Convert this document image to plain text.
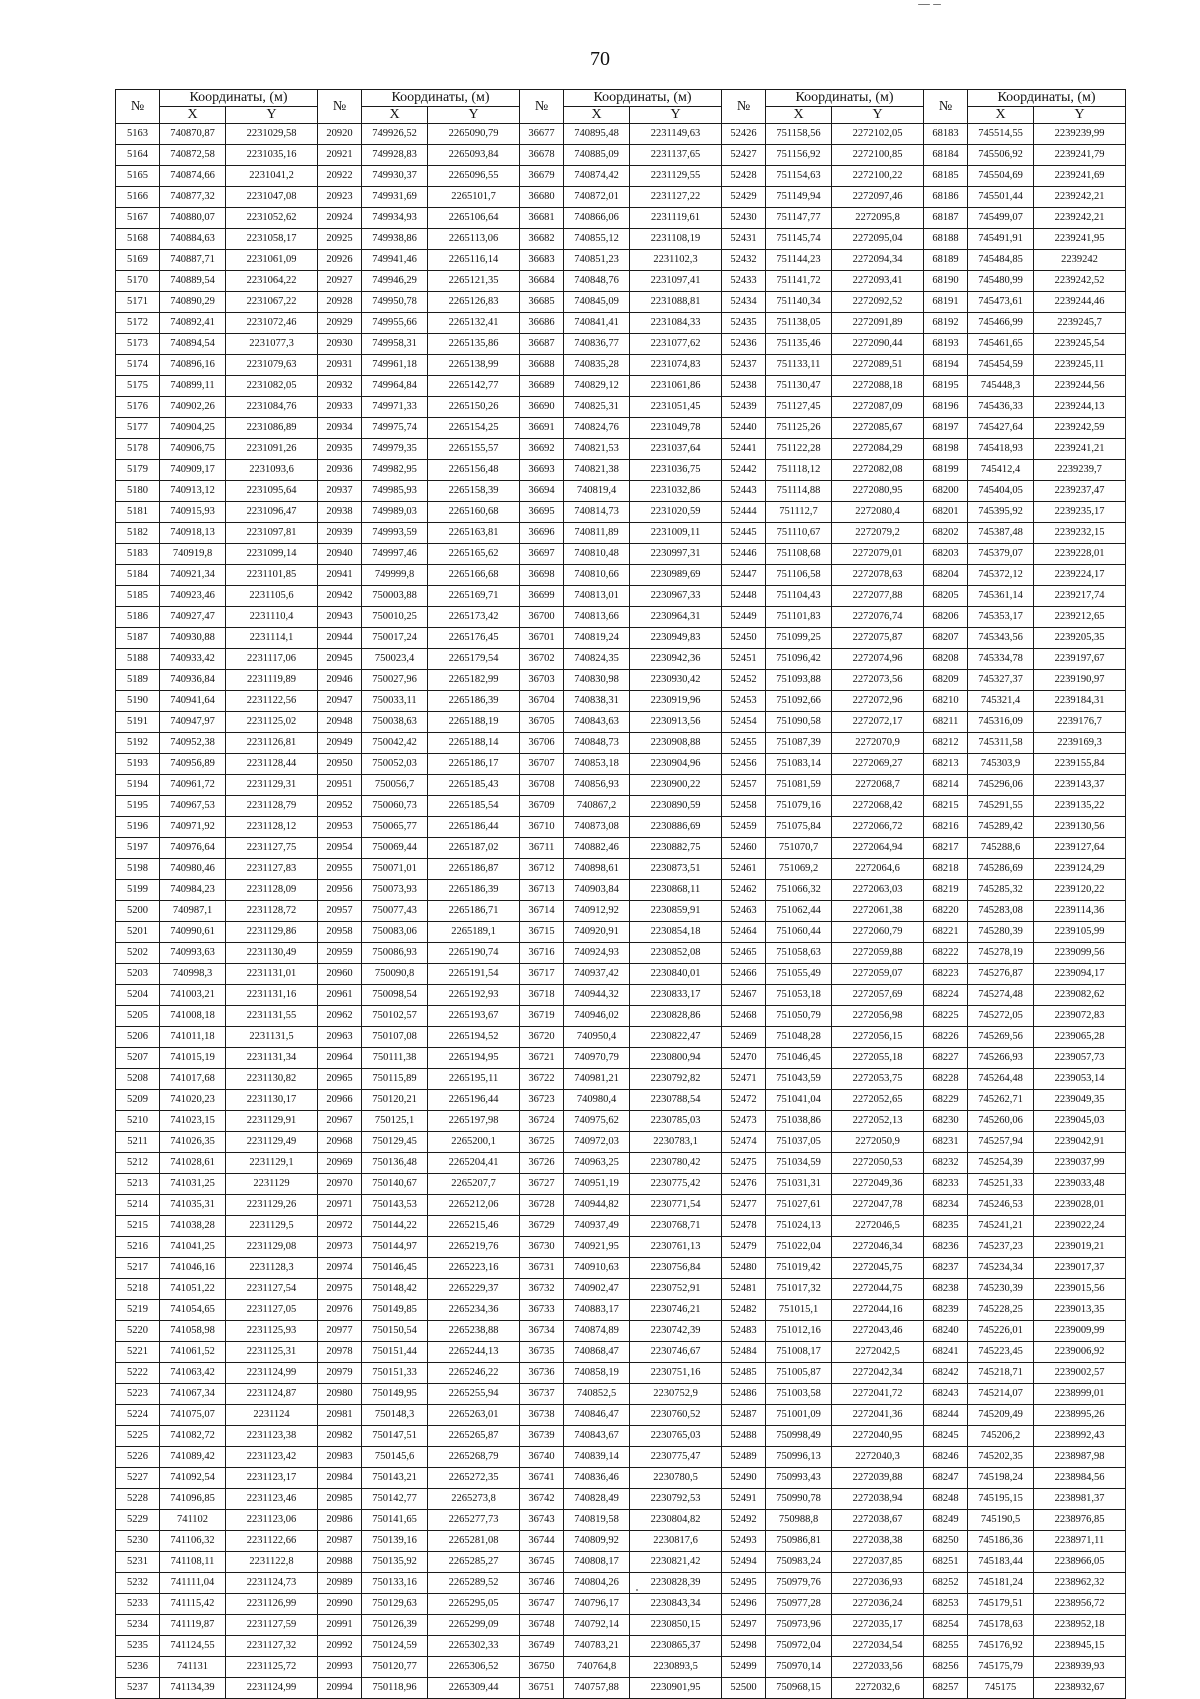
70
№	Координаты, (м)		№	Координаты, (м)		№	Координаты, (м)		№	Координаты, (м)		№	Координаты, (м)	
	X	Y		X	Y		X	Y		X	Y		X	Y
5163	740870,87	2231029,58	20920	749926,52	2265090,79	36677	740895,48	2231149,63	52426	751158,56	2272102,05	68183	745514,55	2239239,99
5164	740872,58	2231035,16	20921	749928,83	2265093,84	36678	740885,09	2231137,65	52427	751156,92	2272100,85	68184	745506,92	2239241,79
5165	740874,66	2231041,2	20922	749930,37	2265096,55	36679	740874,42	2231129,55	52428	751154,63	2272100,22	68185	745504,69	2239241,69
5166	740877,32	2231047,08	20923	749931,69	2265101,7	36680	740872,01	2231127,22	52429	751149,94	2272097,46	68186	745501,44	2239242,21
5167	740880,07	2231052,62	20924	749934,93	2265106,64	36681	740866,06	2231119,61	52430	751147,77	2272095,8	68187	745499,07	2239242,21
5168	740884,63	2231058,17	20925	749938,86	2265113,06	36682	740855,12	2231108,19	52431	751145,74	2272095,04	68188	745491,91	2239241,95
5169	740887,71	2231061,09	20926	749941,46	2265116,14	36683	740851,23	2231102,3	52432	751144,23	2272094,34	68189	745484,85	2239242
5170	740889,54	2231064,22	20927	749946,29	2265121,35	36684	740848,76	2231097,41	52433	751141,72	2272093,41	68190	745480,99	2239242,52
5171	740890,29	2231067,22	20928	749950,78	2265126,83	36685	740845,09	2231088,81	52434	751140,34	2272092,52	68191	745473,61	2239244,46
5172	740892,41	2231072,46	20929	749955,66	2265132,41	36686	740841,41	2231084,33	52435	751138,05	2272091,89	68192	745466,99	2239245,7
5173	740894,54	2231077,3	20930	749958,31	2265135,86	36687	740836,77	2231077,62	52436	751135,46	2272090,44	68193	745461,65	2239245,54
5174	740896,16	2231079,63	20931	749961,18	2265138,99	36688	740835,28	2231074,83	52437	751133,11	2272089,51	68194	745454,59	2239245,11
5175	740899,11	2231082,05	20932	749964,84	2265142,77	36689	740829,12	2231061,86	52438	751130,47	2272088,18	68195	745448,3	2239244,56
5176	740902,26	2231084,76	20933	749971,33	2265150,26	36690	740825,31	2231051,45	52439	751127,45	2272087,09	68196	745436,33	2239244,13
5177	740904,25	2231086,89	20934	749975,74	2265154,25	36691	740824,76	2231049,78	52440	751125,26	2272085,67	68197	745427,64	2239242,59
5178	740906,75	2231091,26	20935	749979,35	2265155,57	36692	740821,53	2231037,64	52441	751122,28	2272084,29	68198	745418,93	2239241,21
5179	740909,17	2231093,6	20936	749982,95	2265156,48	36693	740821,38	2231036,75	52442	751118,12	2272082,08	68199	745412,4	2239239,7
5180	740913,12	2231095,64	20937	749985,93	2265158,39	36694	740819,4	2231032,86	52443	751114,88	2272080,95	68200	745404,05	2239237,47
5181	740915,93	2231096,47	20938	749989,03	2265160,68	36695	740814,73	2231020,59	52444	751112,7	2272080,4	68201	745395,92	2239235,17
5182	740918,13	2231097,81	20939	749993,59	2265163,81	36696	740811,89	2231009,11	52445	751110,67	2272079,2	68202	745387,48	2239232,15
5183	740919,8	2231099,14	20940	749997,46	2265165,62	36697	740810,48	2230997,31	52446	751108,68	2272079,01	68203	745379,07	2239228,01
5184	740921,34	2231101,85	20941	749999,8	2265166,68	36698	740810,66	2230989,69	52447	751106,58	2272078,63	68204	745372,12	2239224,17
5185	740923,46	2231105,6	20942	750003,88	2265169,71	36699	740813,01	2230967,33	52448	751104,43	2272077,88	68205	745361,14	2239217,74
5186	740927,47	2231110,4	20943	750010,25	2265173,42	36700	740813,66	2230964,31	52449	751101,83	2272076,74	68206	745353,17	2239212,65
5187	740930,88	2231114,1	20944	750017,24	2265176,45	36701	740819,24	2230949,83	52450	751099,25	2272075,87	68207	745343,56	2239205,35
5188	740933,42	2231117,06	20945	750023,4	2265179,54	36702	740824,35	2230942,36	52451	751096,42	2272074,96	68208	745334,78	2239197,67
5189	740936,84	2231119,89	20946	750027,96	2265182,99	36703	740830,98	2230930,42	52452	751093,88	2272073,56	68209	745327,37	2239190,97
5190	740941,64	2231122,56	20947	750033,11	2265186,39	36704	740838,31	2230919,96	52453	751092,66	2272072,96	68210	745321,4	2239184,31
5191	740947,97	2231125,02	20948	750038,63	2265188,19	36705	740843,63	2230913,56	52454	751090,58	2272072,17	68211	745316,09	2239176,7
5192	740952,38	2231126,81	20949	750042,42	2265188,14	36706	740848,73	2230908,88	52455	751087,39	2272070,9	68212	745311,58	2239169,3
5193	740956,89	2231128,44	20950	750052,03	2265186,17	36707	740853,18	2230904,96	52456	751083,14	2272069,27	68213	745303,9	2239155,84
5194	740961,72	2231129,31	20951	750056,7	2265185,43	36708	740856,93	2230900,22	52457	751081,59	2272068,7	68214	745296,06	2239143,37
5195	740967,53	2231128,79	20952	750060,73	2265185,54	36709	740867,2	2230890,59	52458	751079,16	2272068,42	68215	745291,55	2239135,22
5196	740971,92	2231128,12	20953	750065,77	2265186,44	36710	740873,08	2230886,69	52459	751075,84	2272066,72	68216	745289,42	2239130,56
5197	740976,64	2231127,75	20954	750069,44	2265187,02	36711	740882,46	2230882,75	52460	751070,7	2272064,94	68217	745288,6	2239127,64
5198	740980,46	2231127,83	20955	750071,01	2265186,87	36712	740898,61	2230873,51	52461	751069,2	2272064,6	68218	745286,69	2239124,29
5199	740984,23	2231128,09	20956	750073,93	2265186,39	36713	740903,84	2230868,11	52462	751066,32	2272063,03	68219	745285,32	2239120,22
5200	740987,1	2231128,72	20957	750077,43	2265186,71	36714	740912,92	2230859,91	52463	751062,44	2272061,38	68220	745283,08	2239114,36
5201	740990,61	2231129,86	20958	750083,06	2265189,1	36715	740920,91	2230854,18	52464	751060,44	2272060,79	68221	745280,39	2239105,99
5202	740993,63	2231130,49	20959	750086,93	2265190,74	36716	740924,93	2230852,08	52465	751058,63	2272059,88	68222	745278,19	2239099,56
5203	740998,3	2231131,01	20960	750090,8	2265191,54	36717	740937,42	2230840,01	52466	751055,49	2272059,07	68223	745276,87	2239094,17
5204	741003,21	2231131,16	20961	750098,54	2265192,93	36718	740944,32	2230833,17	52467	751053,18	2272057,69	68224	745274,48	2239082,62
5205	741008,18	2231131,55	20962	750102,57	2265193,67	36719	740946,02	2230828,86	52468	751050,79	2272056,98	68225	745272,05	2239072,83
5206	741011,18	2231131,5	20963	750107,08	2265194,52	36720	740950,4	2230822,47	52469	751048,28	2272056,15	68226	745269,56	2239065,28
5207	741015,19	2231131,34	20964	750111,38	2265194,95	36721	740970,79	2230800,94	52470	751046,45	2272055,18	68227	745266,93	2239057,73
5208	741017,68	2231130,82	20965	750115,89	2265195,11	36722	740981,21	2230792,82	52471	751043,59	2272053,75	68228	745264,48	2239053,14
5209	741020,23	2231130,17	20966	750120,21	2265196,44	36723	740980,4	2230788,54	52472	751041,04	2272052,65	68229	745262,71	2239049,35
5210	741023,15	2231129,91	20967	750125,1	2265197,98	36724	740975,62	2230785,03	52473	751038,86	2272052,13	68230	745260,06	2239045,03
5211	741026,35	2231129,49	20968	750129,45	2265200,1	36725	740972,03	2230783,1	52474	751037,05	2272050,9	68231	745257,94	2239042,91
5212	741028,61	2231129,1	20969	750136,48	2265204,41	36726	740963,25	2230780,42	52475	751034,59	2272050,53	68232	745254,39	2239037,99
5213	741031,25	2231129	20970	750140,67	2265207,7	36727	740951,19	2230775,42	52476	751031,31	2272049,36	68233	745251,33	2239033,48
5214	741035,31	2231129,26	20971	750143,53	2265212,06	36728	740944,82	2230771,54	52477	751027,61	2272047,78	68234	745246,53	2239028,01
5215	741038,28	2231129,5	20972	750144,22	2265215,46	36729	740937,49	2230768,71	52478	751024,13	2272046,5	68235	745241,21	2239022,24
5216	741041,25	2231129,08	20973	750144,97	2265219,76	36730	740921,95	2230761,13	52479	751022,04	2272046,34	68236	745237,23	2239019,21
5217	741046,16	2231128,3	20974	750146,45	2265223,16	36731	740910,63	2230756,84	52480	751019,42	2272045,75	68237	745234,34	2239017,37
5218	741051,22	2231127,54	20975	750148,42	2265229,37	36732	740902,47	2230752,91	52481	751017,32	2272044,75	68238	745230,39	2239015,56
5219	741054,65	2231127,05	20976	750149,85	2265234,36	36733	740883,17	2230746,21	52482	751015,1	2272044,16	68239	745228,25	2239013,35
5220	741058,98	2231125,93	20977	750150,54	2265238,88	36734	740874,89	2230742,39	52483	751012,16	2272043,46	68240	745226,01	2239009,99
5221	741061,52	2231125,31	20978	750151,44	2265244,13	36735	740868,47	2230746,67	52484	751008,17	2272042,5	68241	745223,45	2239006,92
5222	741063,42	2231124,99	20979	750151,33	2265246,22	36736	740858,19	2230751,16	52485	751005,87	2272042,34	68242	745218,71	2239002,57
5223	741067,34	2231124,87	20980	750149,95	2265255,94	36737	740852,5	2230752,9	52486	751003,58	2272041,72	68243	745214,07	2238999,01
5224	741075,07	2231124	20981	750148,3	2265263,01	36738	740846,47	2230760,52	52487	751001,09	2272041,36	68244	745209,49	2238995,26
5225	741082,72	2231123,38	20982	750147,51	2265265,87	36739	740843,67	2230765,03	52488	750998,49	2272040,95	68245	745206,2	2238992,43
5226	741089,42	2231123,42	20983	750145,6	2265268,79	36740	740839,14	2230775,47	52489	750996,13	2272040,3	68246	745202,35	2238987,98
5227	741092,54	2231123,17	20984	750143,21	2265272,35	36741	740836,46	2230780,5	52490	750993,43	2272039,88	68247	745198,24	2238984,56
5228	741096,85	2231123,46	20985	750142,77	2265273,8	36742	740828,49	2230792,53	52491	750990,78	2272038,94	68248	745195,15	2238981,37
5229	741102	2231123,06	20986	750141,65	2265277,73	36743	740819,58	2230804,82	52492	750988,8	2272038,67	68249	745190,5	2238976,85
5230	741106,32	2231122,66	20987	750139,16	2265281,08	36744	740809,92	2230817,6	52493	750986,81	2272038,38	68250	745186,36	2238971,11
5231	741108,11	2231122,8	20988	750135,92	2265285,27	36745	740808,17	2230821,42	52494	750983,24	2272037,85	68251	745183,44	2238966,05
5232	741111,04	2231124,73	20989	750133,16	2265289,52	36746	740804,26	2230828,39	52495	750979,76	2272036,93	68252	745181,24	2238962,32
5233	741115,42	2231126,99	20990	750129,63	2265295,05	36747	740796,17	2230843,34	52496	750977,28	2272036,24	68253	745179,51	2238956,72
5234	741119,87	2231127,59	20991	750126,39	2265299,09	36748	740792,14	2230850,15	52497	750973,96	2272035,17	68254	745178,63	2238952,18
5235	741124,55	2231127,32	20992	750124,59	2265302,33	36749	740783,21	2230865,37	52498	750972,04	2272034,54	68255	745176,92	2238945,15
5236	741131	2231125,72	20993	750120,77	2265306,52	36750	740764,8	2230893,5	52499	750970,14	2272033,56	68256	745175,79	2238939,93
5237	741134,39	2231124,99	20994	750118,96	2265309,44	36751	740757,88	2230901,95	52500	750968,15	2272032,6	68257	745175	2238932,67
